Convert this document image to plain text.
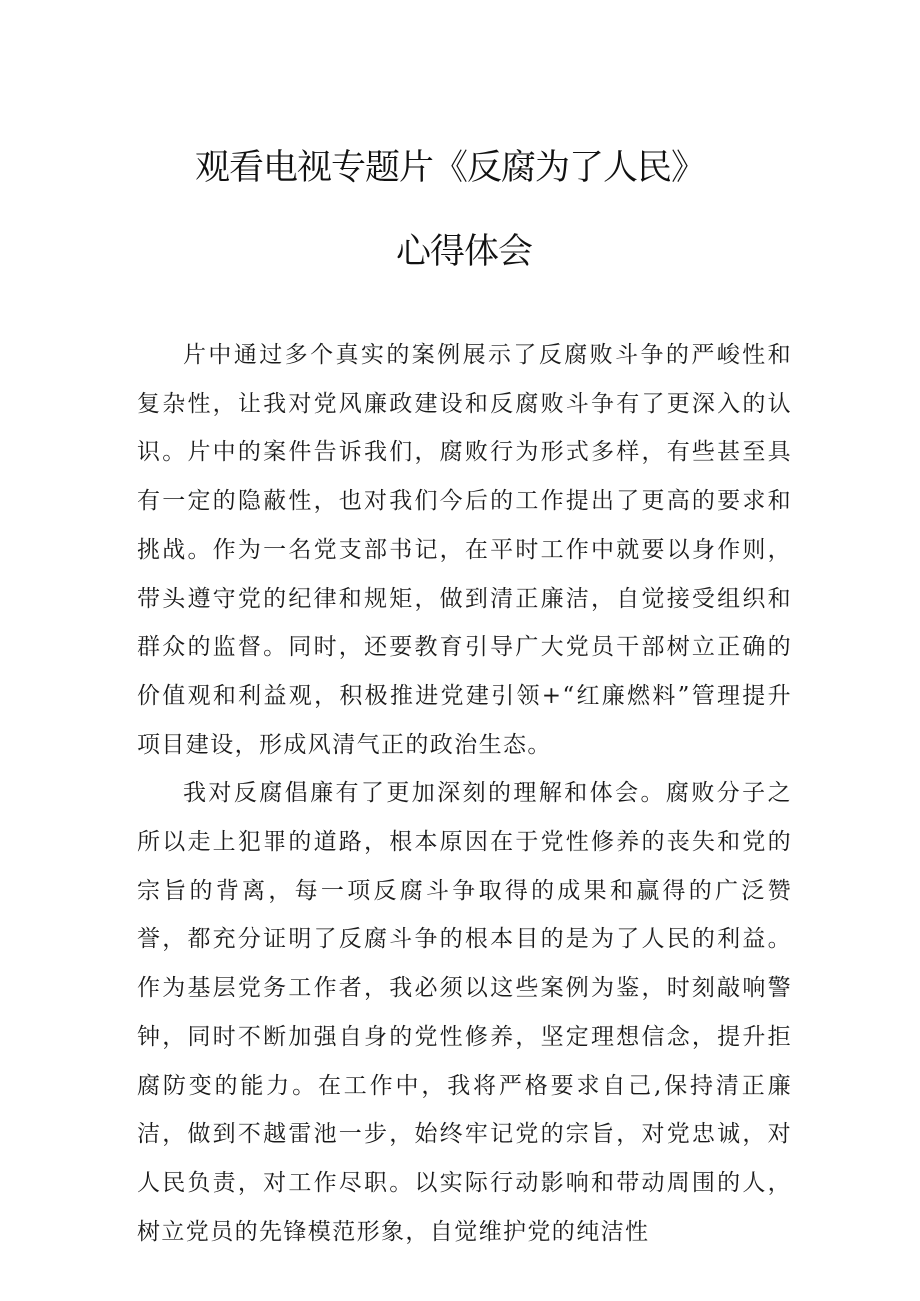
观看电视专题片《反腐为了人民》
心得体会

片中通过多个真实的案例展示了反腐败斗争的严峻性和复杂性，让我对党风廉政建设和反腐败斗争有了更深入的认识。片中的案件告诉我们，腐败行为形式多样，有些甚至具有一定的隐蔽性，也对我们今后的工作提出了更高的要求和挑战。作为一名党支部书记，在平时工作中就要以身作则，带头遵守党的纪律和规矩，做到清正廉洁，自觉接受组织和群众的监督。同时，还要教育引导广大党员干部树立正确的价值观和利益观，积极推进党建引领+“红廉燃料”管理提升项目建设，形成风清气正的政治生态。

我对反腐倡廉有了更加深刻的理解和体会。腐败分子之所以走上犯罪的道路，根本原因在于党性修养的丧失和党的宗旨的背离，每一项反腐斗争取得的成果和赢得的广泛赞誉，都充分证明了反腐斗争的根本目的是为了人民的利益。作为基层党务工作者，我必须以这些案例为鉴，时刻敲响警钟，同时不断加强自身的党性修养，坚定理想信念，提升拒腐防变的能力。在工作中，我将严格要求自己,保持清正廉洁，做到不越雷池一步，始终牢记党的宗旨，对党忠诚，对人民负责，对工作尽职。以实际行动影响和带动周围的人，树立党员的先锋模范形象，自觉维护党的纯洁性
